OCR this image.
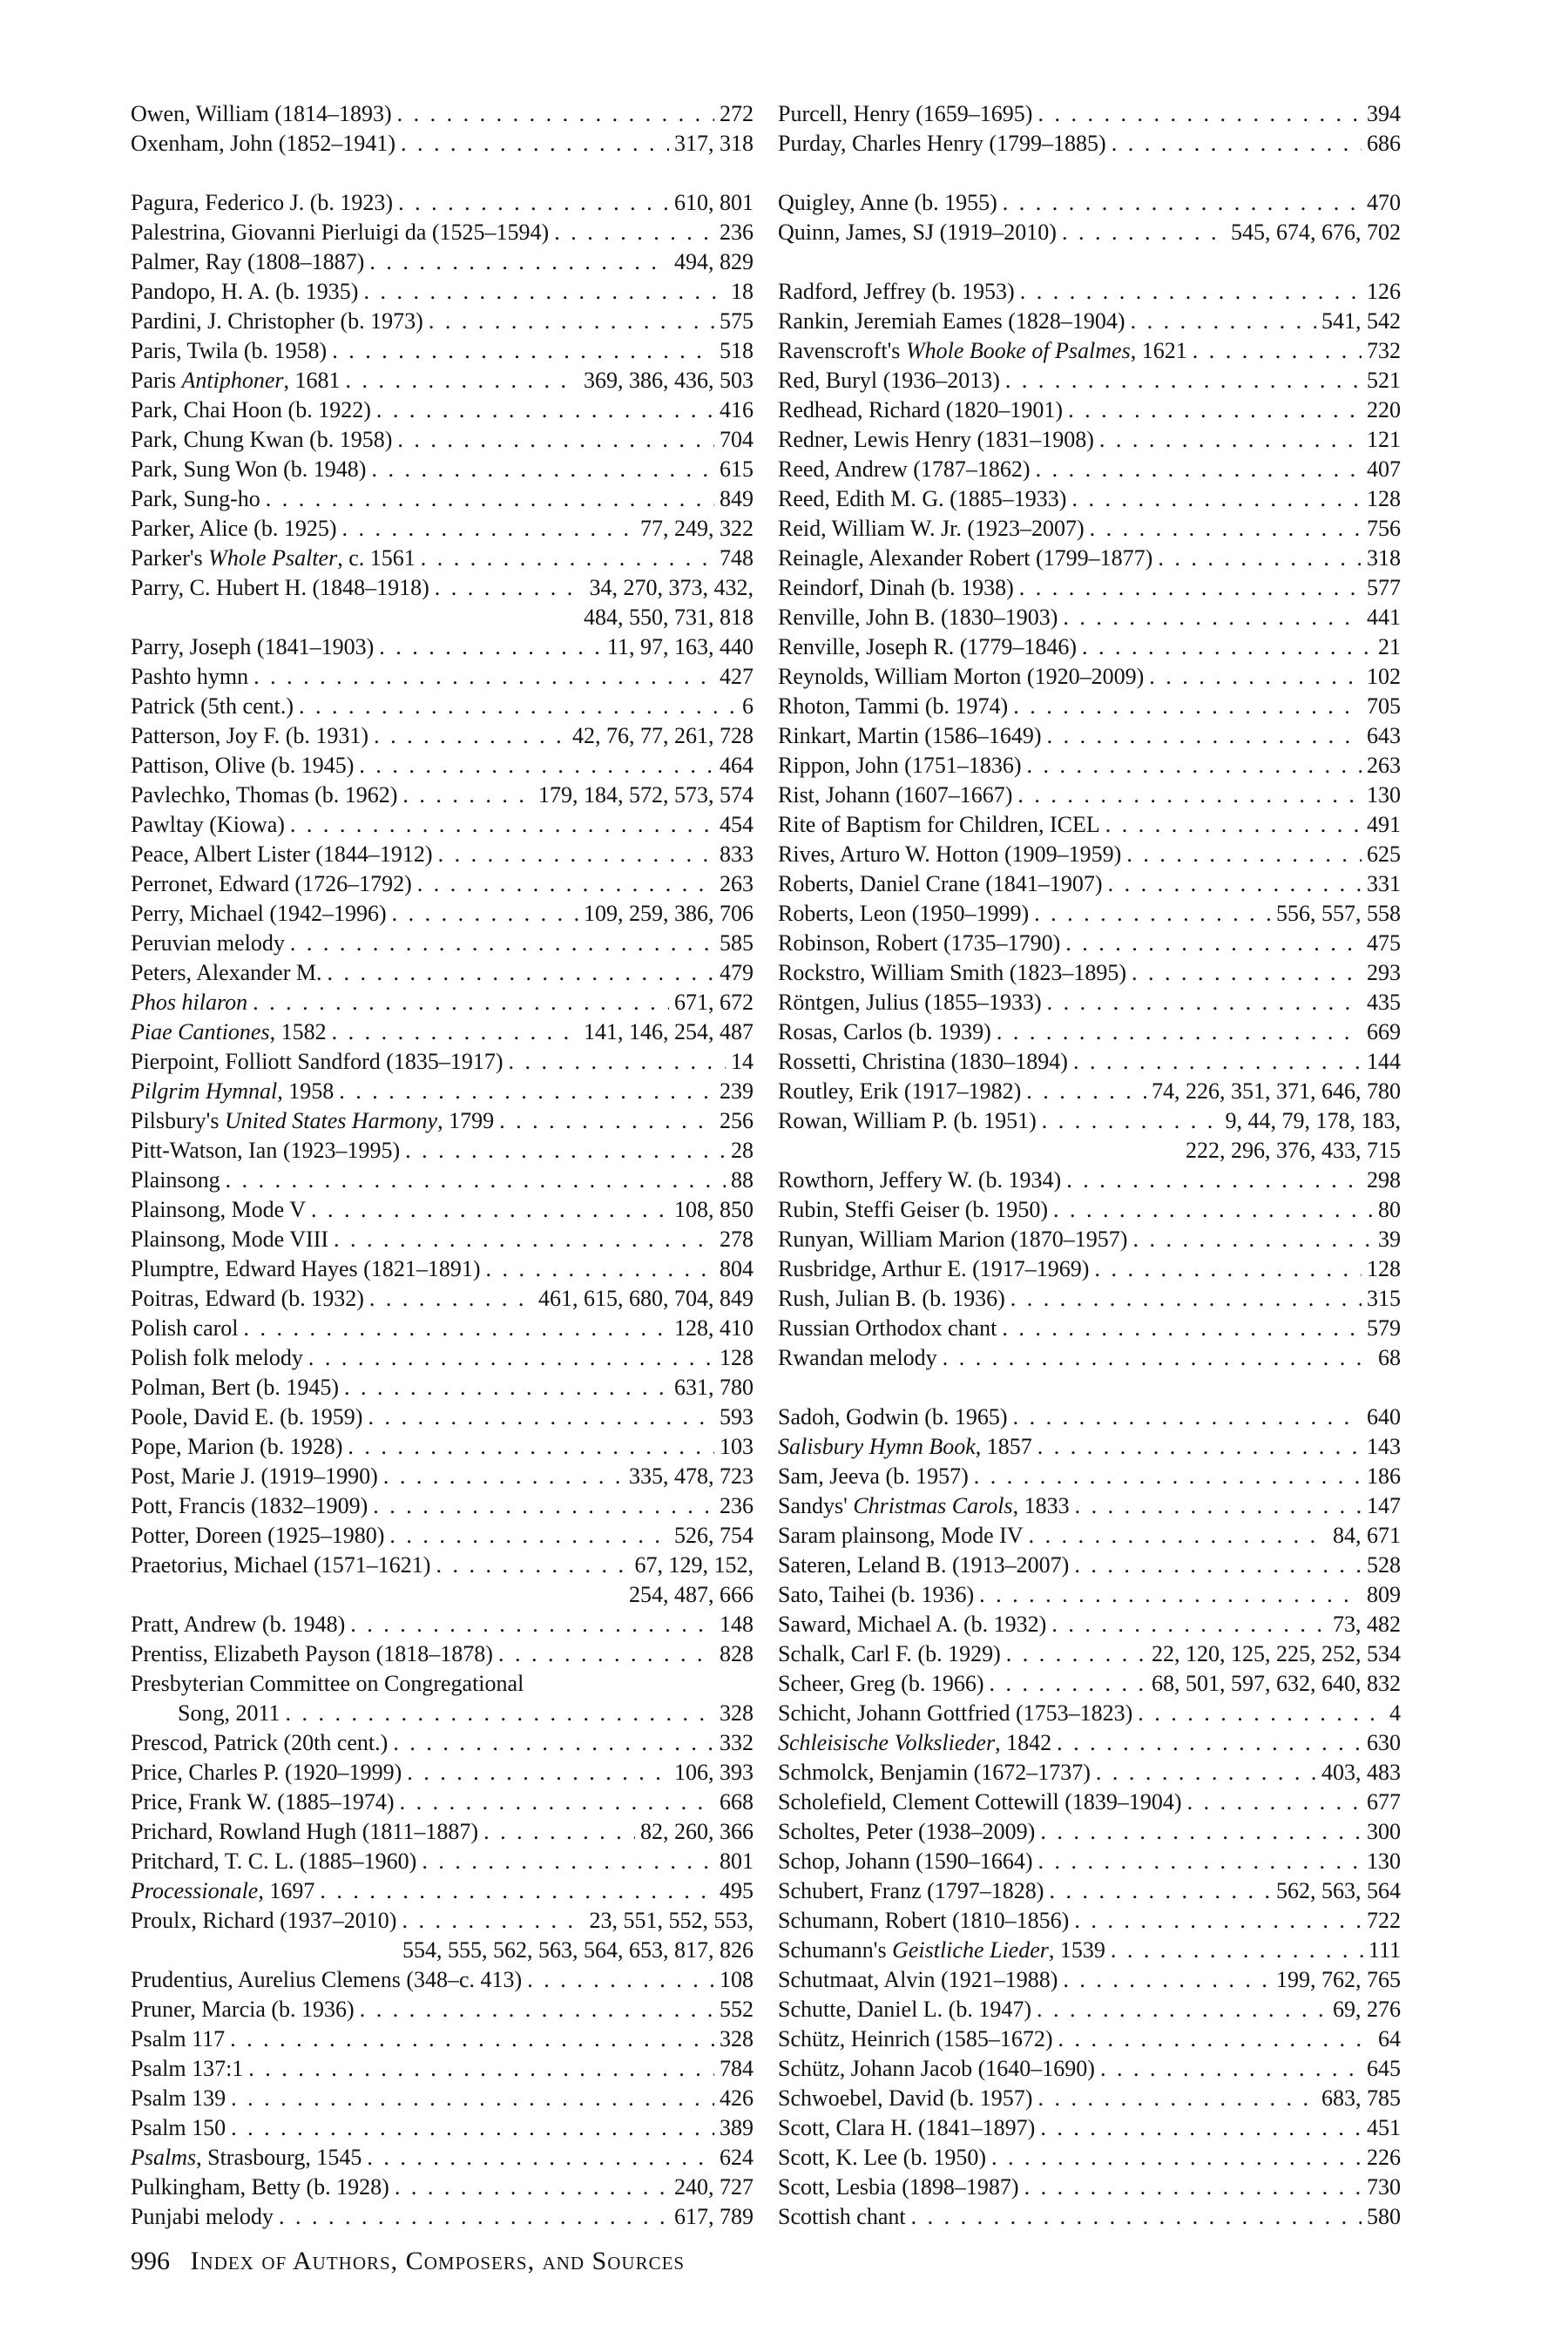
Owen, William (1814–1893) . . .	272
Oxenham, John (1852–1941) . . .	317, 318
Pagura, Federico J. (b. 1923) . . .	610, 801
Palestrina, Giovanni Pierluigi da (1525–1594) . . .	236
Palmer, Ray (1808–1887) . . .	494, 829
Pandopo, H. A. (b. 1935) . . .	18
Pardini, J. Christopher (b. 1973) . . .	575
Paris, Twila (b. 1958) . . .	518
Paris Antiphoner, 1681 . . .	369, 386, 436, 503
Park, Chai Hoon (b. 1922) . . .	416
Park, Chung Kwan (b. 1958) . . .	704
Park, Sung Won (b. 1948) . . .	615
Park, Sung-ho . . .	849
Parker, Alice (b. 1925) . . .	77, 249, 322
Parker's Whole Psalter, c. 1561 . . .	748
Parry, C. Hubert H. (1848–1918) . . .	34, 270, 373, 432,
484, 550, 731, 818
Parry, Joseph (1841–1903) . . .	11, 97, 163, 440
Pashto hymn . . .	427
Patrick (5th cent.) . . .	6
Patterson, Joy F. (b. 1931) . . .	42, 76, 77, 261, 728
Pattison, Olive (b. 1945) . . .	464
Pavlechko, Thomas (b. 1962) . . .	179, 184, 572, 573, 574
Pawltay (Kiowa) . . .	454
Peace, Albert Lister (1844–1912) . . .	833
Perronet, Edward (1726–1792) . . .	263
Perry, Michael (1942–1996) . . .	109, 259, 386, 706
Peruvian melody . . .	585
Peters, Alexander M. . . .	479
Phos hilaron . . .	671, 672
Piae Cantiones, 1582 . . .	141, 146, 254, 487
Pierpoint, Folliott Sandford (1835–1917) . . .	14
Pilgrim Hymnal, 1958 . . .	239
Pilsbury's United States Harmony, 1799 . . .	256
Pitt-Watson, Ian (1923–1995) . . .	28
Plainsong . . .	88
Plainsong, Mode V . . .	108, 850
Plainsong, Mode VIII . . .	278
Plumptre, Edward Hayes (1821–1891) . . .	804
Poitras, Edward (b. 1932) . . .	461, 615, 680, 704, 849
Polish carol . . .	128, 410
Polish folk melody . . .	128
Polman, Bert (b. 1945) . . .	631, 780
Poole, David E. (b. 1959) . . .	593
Pope, Marion (b. 1928) . . .	103
Post, Marie J. (1919–1990) . . .	335, 478, 723
Pott, Francis (1832–1909) . . .	236
Potter, Doreen (1925–1980) . . .	526, 754
Praetorius, Michael (1571–1621) . . .	67, 129, 152,
254, 487, 666
Pratt, Andrew (b. 1948) . . .	148
Prentiss, Elizabeth Payson (1818–1878) . . .	828
Presbyterian Committee on Congregational
Song, 2011 . . .	328
Prescod, Patrick (20th cent.) . . .	332
Price, Charles P. (1920–1999) . . .	106, 393
Price, Frank W. (1885–1974) . . .	668
Prichard, Rowland Hugh (1811–1887) . . .	82, 260, 366
Pritchard, T. C. L. (1885–1960) . . .	801
Processionale, 1697 . . .	495
Proulx, Richard (1937–2010) . . .	23, 551, 552, 553,
554, 555, 562, 563, 564, 653, 817, 826
Prudentius, Aurelius Clemens (348–c. 413) . . .	108
Pruner, Marcia (b. 1936) . . .	552
Psalm 117 . . .	328
Psalm 137:1 . . .	784
Psalm 139 . . .	426
Psalm 150 . . .	389
Psalms, Strasbourg, 1545 . . .	624
Pulkingham, Betty (b. 1928) . . .	240, 727
Punjabi melody . . .	617, 789
Purcell, Henry (1659–1695) . . .	394
Purday, Charles Henry (1799–1885) . . .	686
Quigley, Anne (b. 1955) . . .	470
Quinn, James, SJ (1919–2010) . . .	545, 674, 676, 702
Radford, Jeffrey (b. 1953) . . .	126
Rankin, Jeremiah Eames (1828–1904) . . .	541, 542
Ravenscroft's Whole Booke of Psalmes, 1621 . . .	732
Red, Buryl (1936–2013) . . .	521
Redhead, Richard (1820–1901) . . .	220
Redner, Lewis Henry (1831–1908) . . .	121
Reed, Andrew (1787–1862) . . .	407
Reed, Edith M. G. (1885–1933) . . .	128
Reid, William W. Jr. (1923–2007) . . .	756
Reinagle, Alexander Robert (1799–1877) . . .	318
Reindorf, Dinah (b. 1938) . . .	577
Renville, John B. (1830–1903) . . .	441
Renville, Joseph R. (1779–1846) . . .	21
Reynolds, William Morton (1920–2009) . . .	102
Rhoton, Tammi (b. 1974) . . .	705
Rinkart, Martin (1586–1649) . . .	643
Rippon, John (1751–1836) . . .	263
Rist, Johann (1607–1667) . . .	130
Rite of Baptism for Children, ICEL . . .	491
Rives, Arturo W. Hotton (1909–1959) . . .	625
Roberts, Daniel Crane (1841–1907) . . .	331
Roberts, Leon (1950–1999) . . .	556, 557, 558
Robinson, Robert (1735–1790) . . .	475
Rockstro, William Smith (1823–1895) . . .	293
Röntgen, Julius (1855–1933) . . .	435
Rosas, Carlos (b. 1939) . . .	669
Rossetti, Christina (1830–1894) . . .	144
Routley, Erik (1917–1982) . . .	74, 226, 351, 371, 646, 780
Rowan, William P. (b. 1951) . . .	9, 44, 79, 178, 183,
222, 296, 376, 433, 715
Rowthorn, Jeffery W. (b. 1934) . . .	298
Rubin, Steffi Geiser (b. 1950) . . .	80
Runyan, William Marion (1870–1957) . . .	39
Rusbridge, Arthur E. (1917–1969) . . .	128
Rush, Julian B. (b. 1936) . . .	315
Russian Orthodox chant . . .	579
Rwandan melody . . .	68
Sadoh, Godwin (b. 1965) . . .	640
Salisbury Hymn Book, 1857 . . .	143
Sam, Jeeva (b. 1957) . . .	186
Sandys' Christmas Carols, 1833 . . .	147
Saram plainsong, Mode IV . . .	84, 671
Sateren, Leland B. (1913–2007) . . .	528
Sato, Taihei (b. 1936) . . .	809
Saward, Michael A. (b. 1932) . . .	73, 482
Schalk, Carl F. (b. 1929) . . .	22, 120, 125, 225, 252, 534
Scheer, Greg (b. 1966) . . .	68, 501, 597, 632, 640, 832
Schicht, Johann Gottfried (1753–1823) . . .	4
Schleisische Volkslieder, 1842 . . .	630
Schmolck, Benjamin (1672–1737) . . .	403, 483
Scholefield, Clement Cottewill (1839–1904) . . .	677
Scholtes, Peter (1938–2009) . . .	300
Schop, Johann (1590–1664) . . .	130
Schubert, Franz (1797–1828) . . .	562, 563, 564
Schumann, Robert (1810–1856) . . .	722
Schumann's Geistliche Lieder, 1539 . . .	111
Schutmaat, Alvin (1921–1988) . . .	199, 762, 765
Schutte, Daniel L. (b. 1947) . . .	69, 276
Schütz, Heinrich (1585–1672) . . .	64
Schütz, Johann Jacob (1640–1690) . . .	645
Schwoebel, David (b. 1957) . . .	683, 785
Scott, Clara H. (1841–1897) . . .	451
Scott, K. Lee (b. 1950) . . .	226
Scott, Lesbia (1898–1987) . . .	730
Scottish chant . . .	580
996 Index of Authors, Composers, and Sources
